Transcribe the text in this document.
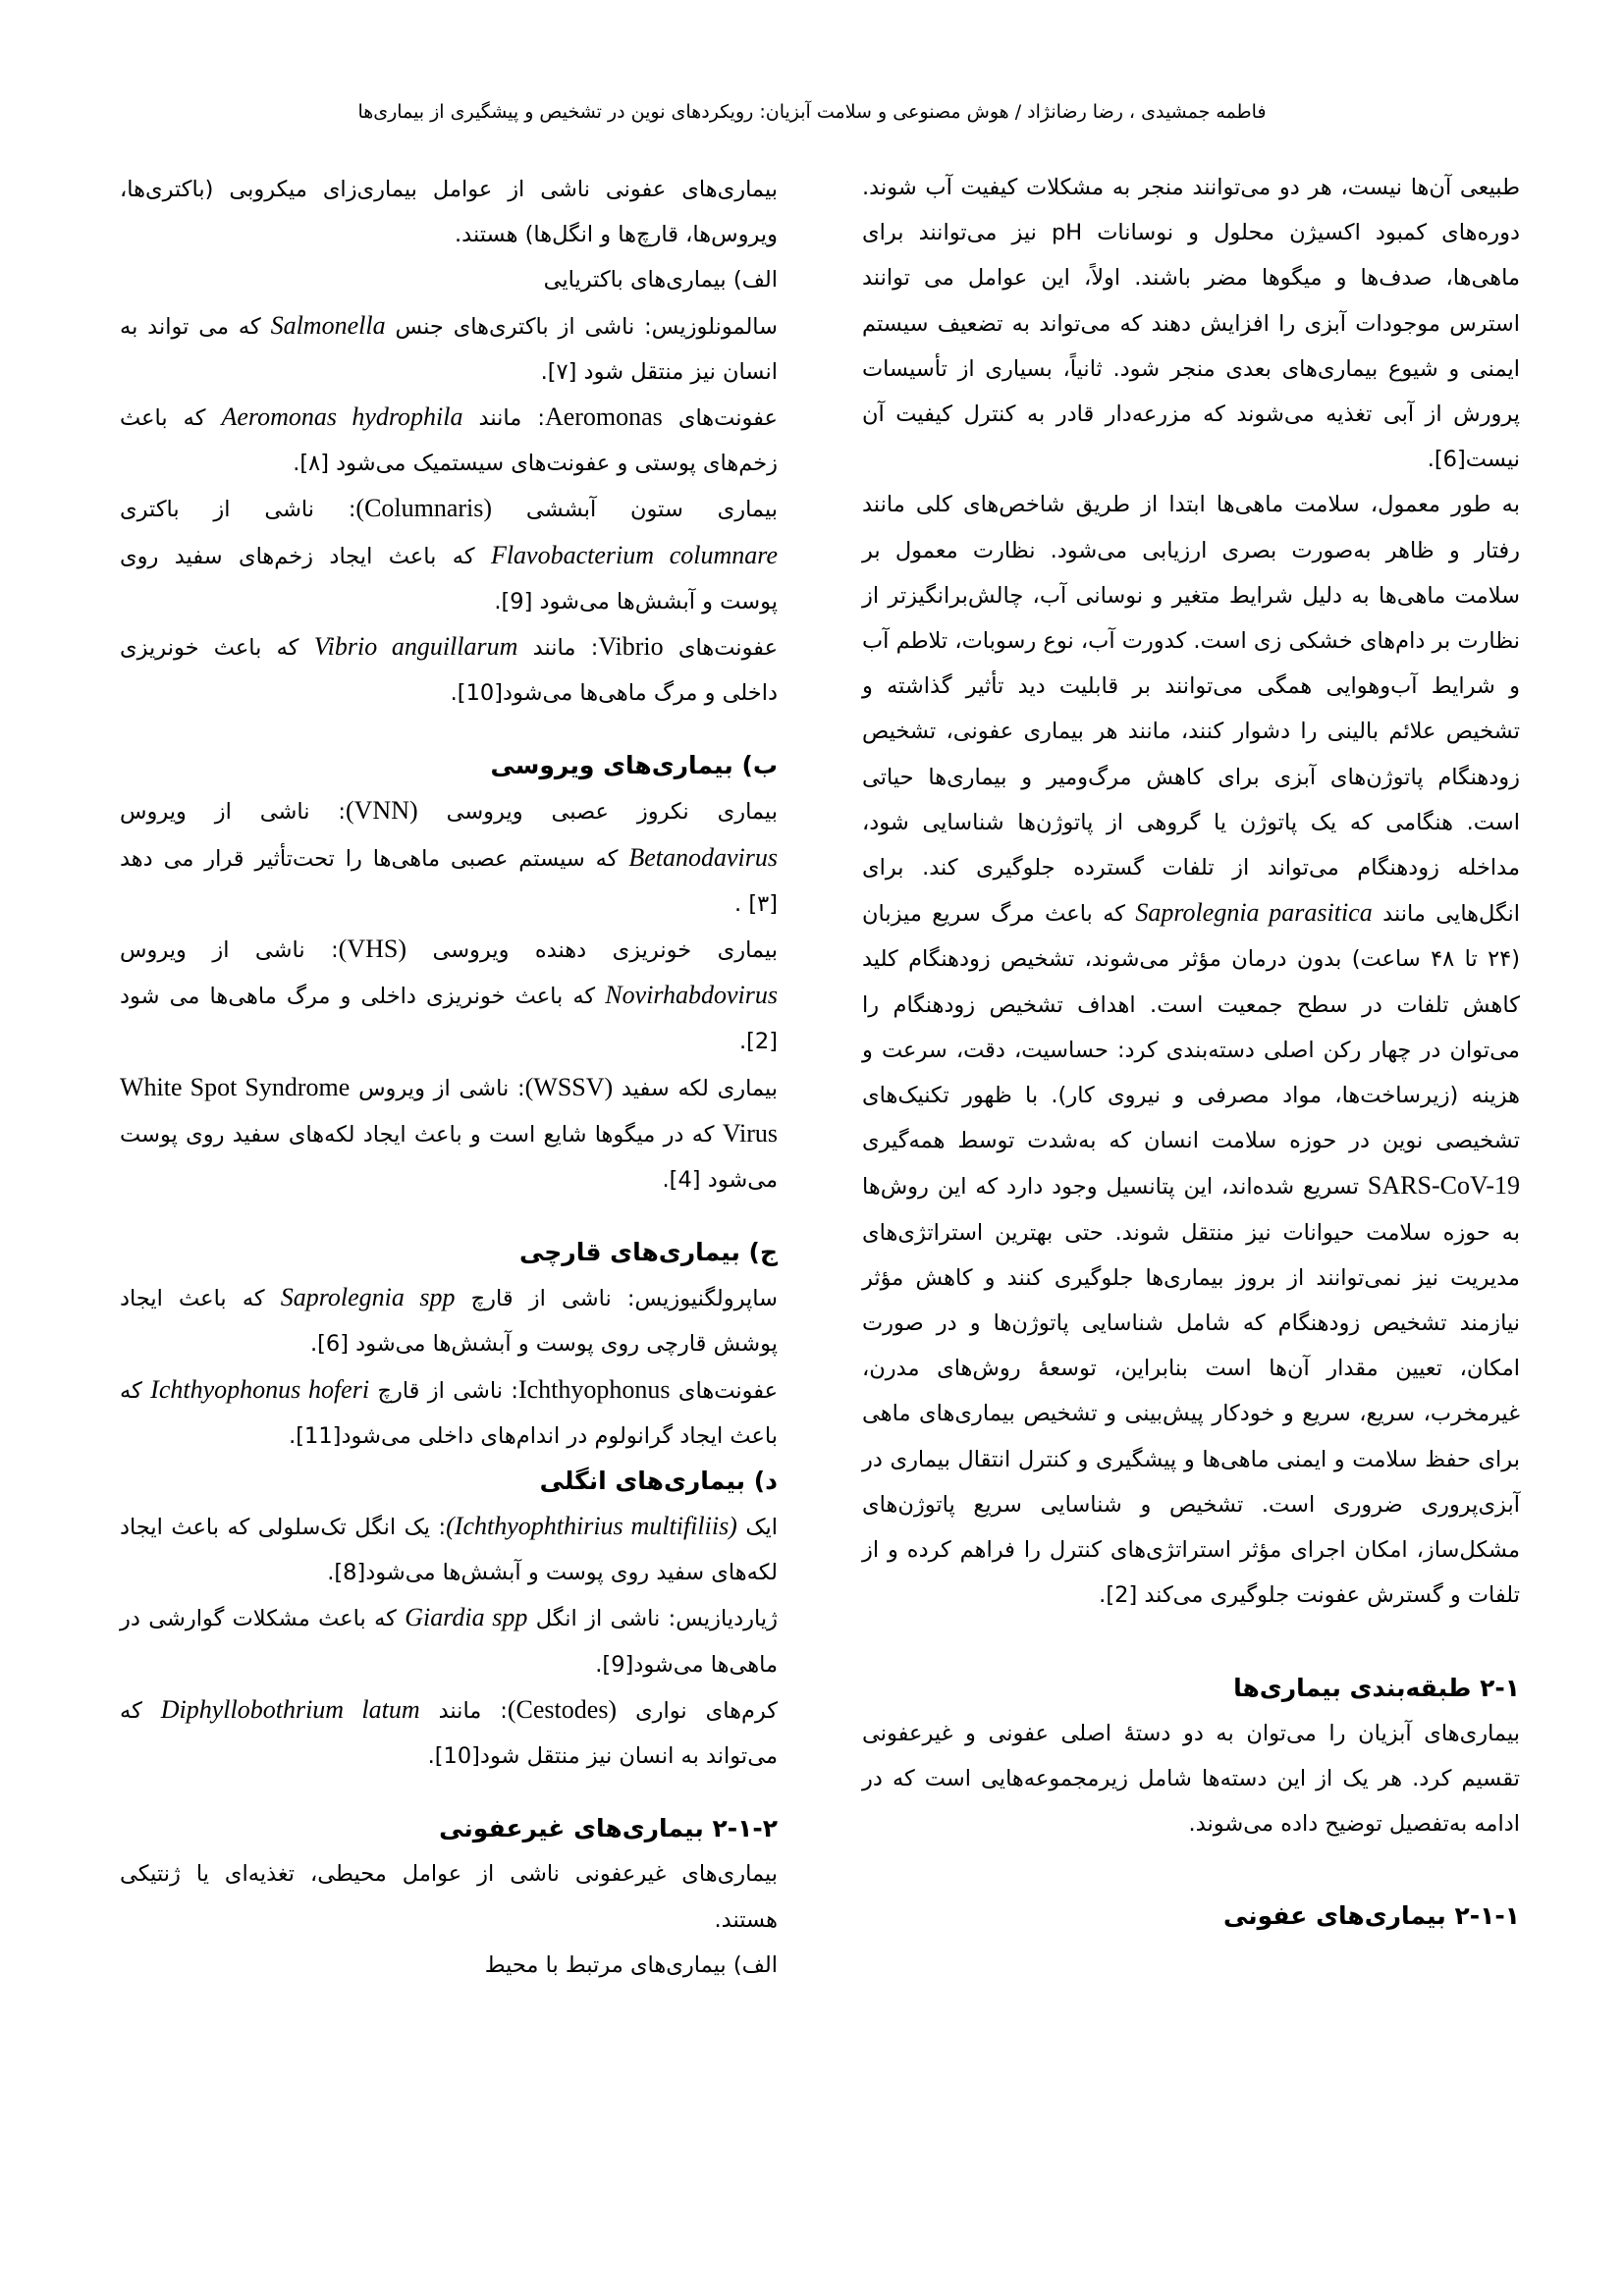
فاطمه جمشیدی ، رضا رضانژاد / هوش مصنوعی و سلامت آبزیان: رویکردهای نوین در تشخیص و پیشگیری از بیماری‌ها

طبیعی آن‌ها نیست، هر دو می‌توانند منجر به مشکلات کیفیت آب شوند. دوره‌های کمبود اکسیژن محلول و نوسانات pH نیز می‌توانند برای ماهی‌ها، صدف‌ها و میگوها مضر باشند. اولاً، این عوامل می توانند استرس موجودات آبزی را افزایش دهند که می‌تواند به تضعیف سیستم ایمنی و شیوع بیماری‌های بعدی منجر شود. ثانیاً، بسیاری از تأسیسات پرورش از آبی تغذیه می‌شوند که مزرعه‌دار قادر به کنترل کیفیت آن نیست[6].

به طور معمول، سلامت ماهی‌ها ابتدا از طریق شاخص‌های کلی مانند رفتار و ظاهر به‌صورت بصری ارزیابی می‌شود. نظارت معمول بر سلامت ماهی‌ها به دلیل شرایط متغیر و نوسانی آب، چالش‌برانگیزتر از نظارت بر دام‌های خشکی زی است. کدورت آب، نوع رسوبات، تلاطم آب و شرایط آب‌وهوایی همگی می‌توانند بر قابلیت دید تأثیر گذاشته و تشخیص علائم بالینی را دشوار کنند، مانند هر بیماری عفونی، تشخیص زودهنگام پاتوژن‌های آبزی برای کاهش مرگ‌ومیر و بیماری‌ها حیاتی است. هنگامی که یک پاتوژن یا گروهی از پاتوژن‌ها شناسایی شود، مداخله زودهنگام می‌تواند از تلفات گسترده جلوگیری کند. برای انگل‌هایی مانند Saprolegnia parasitica که باعث مرگ سریع میزبان (۲۴ تا ۴۸ ساعت) بدون درمان مؤثر می‌شوند، تشخیص زودهنگام کلید کاهش تلفات در سطح جمعیت است. اهداف تشخیص زودهنگام را می‌توان در چهار رکن اصلی دسته‌بندی کرد: حساسیت، دقت، سرعت و هزینه (زیرساخت‌ها، مواد مصرفی و نیروی کار). با ظهور تکنیک‌های تشخیصی نوین در حوزه سلامت انسان که به‌شدت توسط همه‌گیری SARS-CoV-19 تسریع شده‌اند، این پتانسیل وجود دارد که این روش‌ها به حوزه سلامت حیوانات نیز منتقل شوند. حتی بهترین استراتژی‌های مدیریت نیز نمی‌توانند از بروز بیماری‌ها جلوگیری کنند و کاهش مؤثر نیازمند تشخیص زودهنگام که شامل شناسایی پاتوژن‌ها و در صورت امکان، تعیین مقدار آن‌ها است بنابراین، توسعهٔ روش‌های مدرن، غیرمخرب، سریع، سریع و خودکار پیش‌بینی و تشخیص بیماری‌های ماهی برای حفظ سلامت و ایمنی ماهی‌ها و پیشگیری و کنترل انتقال بیماری در آبزی‌پروری ضروری است. تشخیص و شناسایی سریع پاتوژن‌های مشکل‌ساز، امکان اجرای مؤثر استراتژی‌های کنترل را فراهم کرده و از تلفات و گسترش عفونت جلوگیری می‌کند [2].

۲-۱ طبقه‌بندی بیماری‌ها

بیماری‌های آبزیان را می‌توان به دو دستهٔ اصلی عفونی و غیرعفونی تقسیم کرد. هر یک از این دسته‌ها شامل زیرمجموعه‌هایی است که در ادامه به‌تفصیل توضیح داده می‌شوند.

۲-۱-۱ بیماری‌های عفونی

بیماری‌های عفونی ناشی از عوامل بیماری‌زای میکروبی (باکتری‌ها، ویروس‌ها، قارچ‌ها و انگل‌ها) هستند.

الف) بیماری‌های باکتریایی

سالمونلوزیس: ناشی از باکتری‌های جنس Salmonella که می تواند به انسان نیز منتقل شود [۷].

عفونت‌های Aeromonas: مانند Aeromonas hydrophila که باعث زخم‌های پوستی و عفونت‌های سیستمیک می‌شود [۸].

بیماری ستون آبششی (Columnaris): ناشی از باکتری Flavobacterium columnare که باعث ایجاد زخم‌های سفید روی پوست و آبشش‌ها می‌شود [9].

عفونت‌های Vibrio: مانند Vibrio anguillarum که باعث خونریزی داخلی و مرگ ماهی‌ها می‌شود[10].

ب) بیماری‌های ویروسی

بیماری نکروز عصبی ویروسی (VNN): ناشی از ویروس Betanodavirus که سیستم عصبی ماهی‌ها را تحت‌تأثیر قرار می دهد [۳] .

بیماری خونریزی دهنده ویروسی (VHS): ناشی از ویروس Novirhabdovirus که باعث خونریزی داخلی و مرگ ماهی‌ها می شود [2].

بیماری لکه سفید (WSSV): ناشی از ویروس White Spot Syndrome Virus که در میگوها شایع است و باعث ایجاد لکه‌های سفید روی پوست می‌شود [4].

ج) بیماری‌های قارچی

ساپرولگنیوزیس: ناشی از قارچ Saprolegnia spp که باعث ایجاد پوشش قارچی روی پوست و آبشش‌ها می‌شود [6].

عفونت‌های Ichthyophonus: ناشی از قارچ Ichthyophonus hoferi که باعث ایجاد گرانولوم در اندام‌های داخلی می‌شود[11].

د) بیماری‌های انگلی

ایک (Ichthyophthirius multifiliis): یک انگل تک‌سلولی که باعث ایجاد لکه‌های سفید روی پوست و آبشش‌ها می‌شود[8].

ژیاردیازیس: ناشی از انگل Giardia spp که باعث مشکلات گوارشی در ماهی‌ها می‌شود[9].

کرم‌های نواری (Cestodes): مانند Diphyllobothrium latum که می‌تواند به انسان نیز منتقل شود[10].

۲-۱-۲ بیماری‌های غیرعفونی

بیماری‌های غیرعفونی ناشی از عوامل محیطی، تغذیه‌ای یا ژنتیکی هستند.

الف) بیماری‌های مرتبط با محیط
